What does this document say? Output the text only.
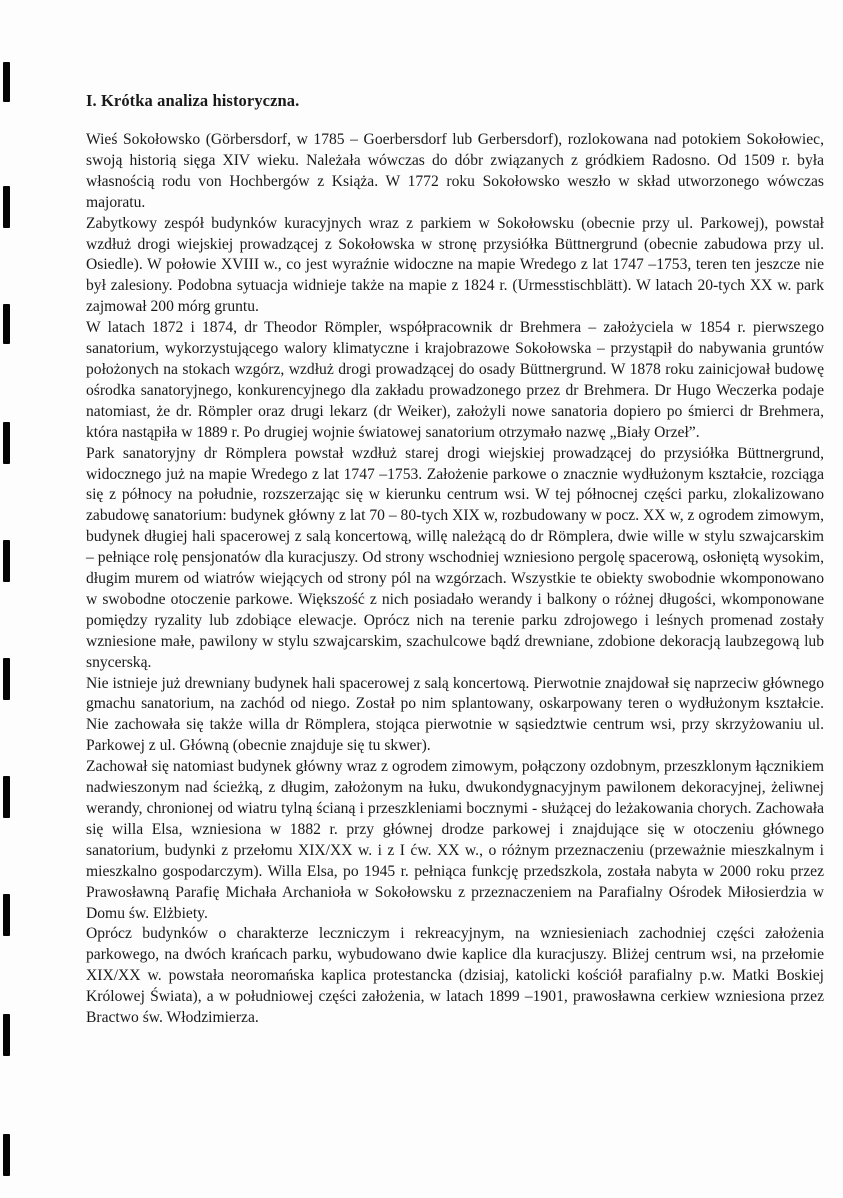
I. Krótka analiza historyczna.

Wieś Sokołowsko (Görbersdorf, w 1785 – Goerbersdorf lub Gerbersdorf), rozlokowana nad potokiem Sokołowiec, swoją historią sięga XIV wieku. Należała wówczas do dóbr związanych z gródkiem Radosno. Od 1509 r. była własnością rodu von Hochbergów z Książa. W 1772 roku Sokołowsko weszło w skład utworzonego wówczas majoratu.

Zabytkowy zespół budynków kuracyjnych wraz z parkiem w Sokołowsku (obecnie przy ul. Parkowej), powstał wzdłuż drogi wiejskiej prowadzącej z Sokołowska w stronę przysiółka Büttnergrund (obecnie zabudowa przy ul. Osiedle). W połowie XVIII w., co jest wyraźnie widoczne na mapie Wredego z lat 1747 –1753, teren ten jeszcze nie był zalesiony. Podobna sytuacja widnieje także na mapie z 1824 r. (Urmesstischblätt). W latach 20-tych XX w. park zajmował 200 mórg gruntu.

W latach 1872 i 1874, dr Theodor Römpler, współpracownik dr Brehmera – założyciela w 1854 r. pierwszego sanatorium, wykorzystującego walory klimatyczne i krajobrazowe Sokołowska – przystąpił do nabywania gruntów położonych na stokach wzgórz, wzdłuż drogi prowadzącej do osady Büttnergrund. W 1878 roku zainicjował budowę ośrodka sanatoryjnego, konkurencyjnego dla zakładu prowadzonego przez dr Brehmera. Dr Hugo Weczerka podaje natomiast, że dr. Römpler oraz drugi lekarz (dr Weiker), założyli nowe sanatoria dopiero po śmierci dr Brehmera, która nastąpiła w 1889 r. Po drugiej wojnie światowej sanatorium otrzymało nazwę „Biały Orzeł”.

Park sanatoryjny dr Römplera powstał wzdłuż starej drogi wiejskiej prowadzącej do przysiółka Büttnergrund, widocznego już na mapie Wredego z lat 1747 –1753. Założenie parkowe o znacznie wydłużonym kształcie, rozciąga się z północy na południe, rozszerzając się w kierunku centrum wsi. W tej północnej części parku, zlokalizowano zabudowę sanatorium: budynek główny z lat 70 – 80-tych XIX w, rozbudowany w pocz. XX w, z ogrodem zimowym, budynek długiej hali spacerowej z salą koncertową, willę należącą do dr Römplera, dwie wille w stylu szwajcarskim – pełniące rolę pensjonatów dla kuracjuszy. Od strony wschodniej wzniesiono pergolę spacerową, osłoniętą wysokim, długim murem od wiatrów wiejących od strony pól na wzgórzach. Wszystkie te obiekty swobodnie wkomponowano w swobodne otoczenie parkowe. Większość z nich posiadało werandy i balkony o różnej długości, wkomponowane pomiędzy ryzality lub zdobiące elewacje. Oprócz nich na terenie parku zdrojowego i leśnych promenad zostały wzniesione małe, pawilony w stylu szwajcarskim, szachulcowe bądź drewniane, zdobione dekoracją laubzegową lub snycerską.

Nie istnieje już drewniany budynek hali spacerowej z salą koncertową. Pierwotnie znajdował się naprzeciw głównego gmachu sanatorium, na zachód od niego. Został po nim splantowany, oskarpowany teren o wydłużonym kształcie. Nie zachowała się także willa dr Römplera, stojąca pierwotnie w sąsiedztwie centrum wsi, przy skrzyżowaniu ul. Parkowej z ul. Główną (obecnie znajduje się tu skwer).

Zachował się natomiast budynek główny wraz z ogrodem zimowym, połączony ozdobnym, przeszklonym łącznikiem nadwieszonym nad ścieżką, z długim, założonym na łuku, dwukondygnacyjnym pawilonem dekoracyjnej, żeliwnej werandy, chronionej od wiatru tylną ścianą i przeszkleniami bocznymi - służącej do leżakowania chorych. Zachowała się willa Elsa, wzniesiona w 1882 r. przy głównej drodze parkowej i znajdujące się w otoczeniu głównego sanatorium, budynki z przełomu XIX/XX w. i z I ćw. XX w., o różnym przeznaczeniu (przeważnie mieszkalnym i mieszkalno gospodarczym). Willa Elsa, po 1945 r. pełniąca funkcję przedszkola, została nabyta w 2000 roku przez Prawosławną Parafię Michała Archanioła w Sokołowsku z przeznaczeniem na Parafialny Ośrodek Miłosierdzia w Domu św. Elżbiety.

Oprócz budynków o charakterze leczniczym i rekreacyjnym, na wzniesieniach zachodniej części założenia parkowego, na dwóch krańcach parku, wybudowano dwie kaplice dla kuracjuszy. Bliżej centrum wsi, na przełomie XIX/XX w. powstała neoromańska kaplica protestancka (dzisiaj, katolicki kościół parafialny p.w. Matki Boskiej Królowej Świata), a w południowej części założenia, w latach 1899 –1901, prawosławna cerkiew wzniesiona przez Bractwo św. Włodzimierza.
